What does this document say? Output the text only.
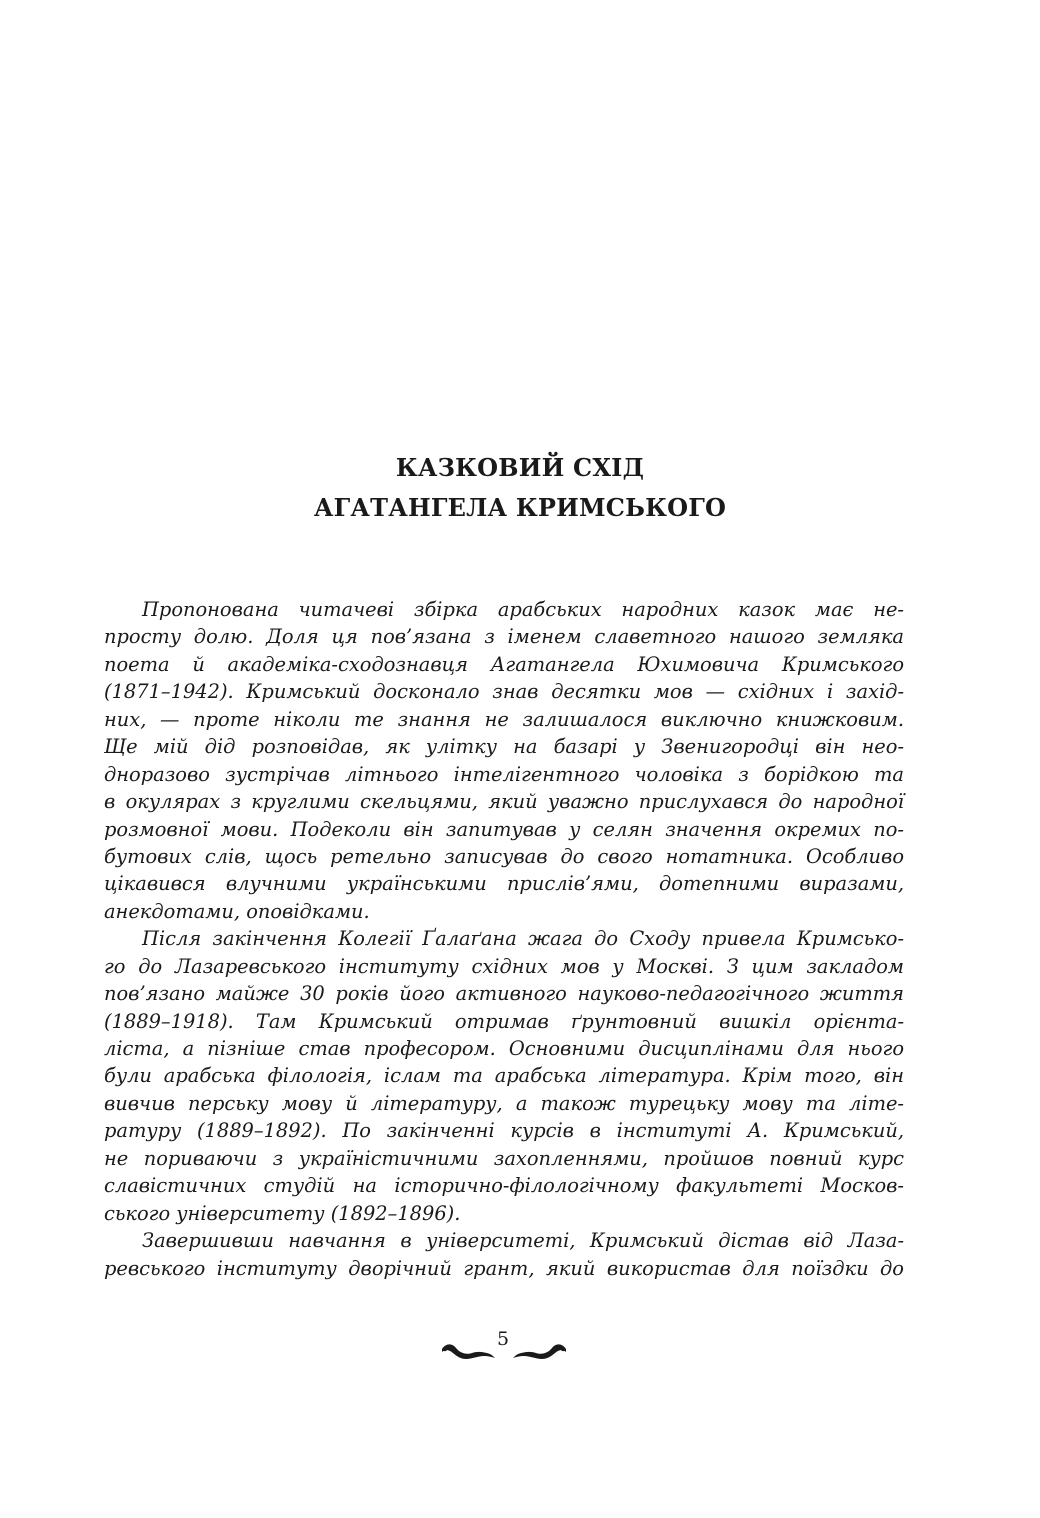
КАЗКОВИЙ СХІД
АГАТАНГЕЛА КРИМСЬКОГО
Пропонована читачеві збірка арабських народних казок має не-
просту долю. Доля ця пов’язана з іменем славетного нашого земляка
поета й академіка-сходознавця Агатангела Юхимовича Кримського
(1871–1942). Кримський досконало знав десятки мов — східних і захід-
них, — проте ніколи те знання не залишалося виключно книжковим.
Ще мій дід розповідав, як улітку на базарі у Звенигородці він нео-
дноразово зустрічав літнього інтелігентного чоловіка з борідкою та
в окулярах з круглими скельцями, який уважно прислухався до народної
розмовної мови. Подеколи він запитував у селян значення окремих по-
бутових слів, щось ретельно записував до свого нотатника. Особливо
цікавився влучними українськими прислів’ями, дотепними виразами,
анекдотами, оповідками.
Після закінчення Колегії Ґалаґана жага до Сходу привела Кримсько-
го до Лазаревського інституту східних мов у Москві. З цим закладом
пов’язано майже 30 років його активного науково-педагогічного життя
(1889–1918). Там Кримський отримав ґрунтовний вишкіл орієнта-
ліста, а пізніше став професором. Основними дисциплінами для нього
були арабська філологія, іслам та арабська література. Крім того, він
вивчив перську мову й літературу, а також турецьку мову та літе-
ратуру (1889–1892). По закінченні курсів в інституті А. Кримський,
не пориваючи з україністичними захопленнями, пройшов повний курс
славістичних студій на історично-філологічному факультеті Москов-
ського університету (1892–1896).
Завершивши навчання в університеті, Кримський дістав від Лаза-
ревського інституту дворічний грант, який використав для поїздки до
5
